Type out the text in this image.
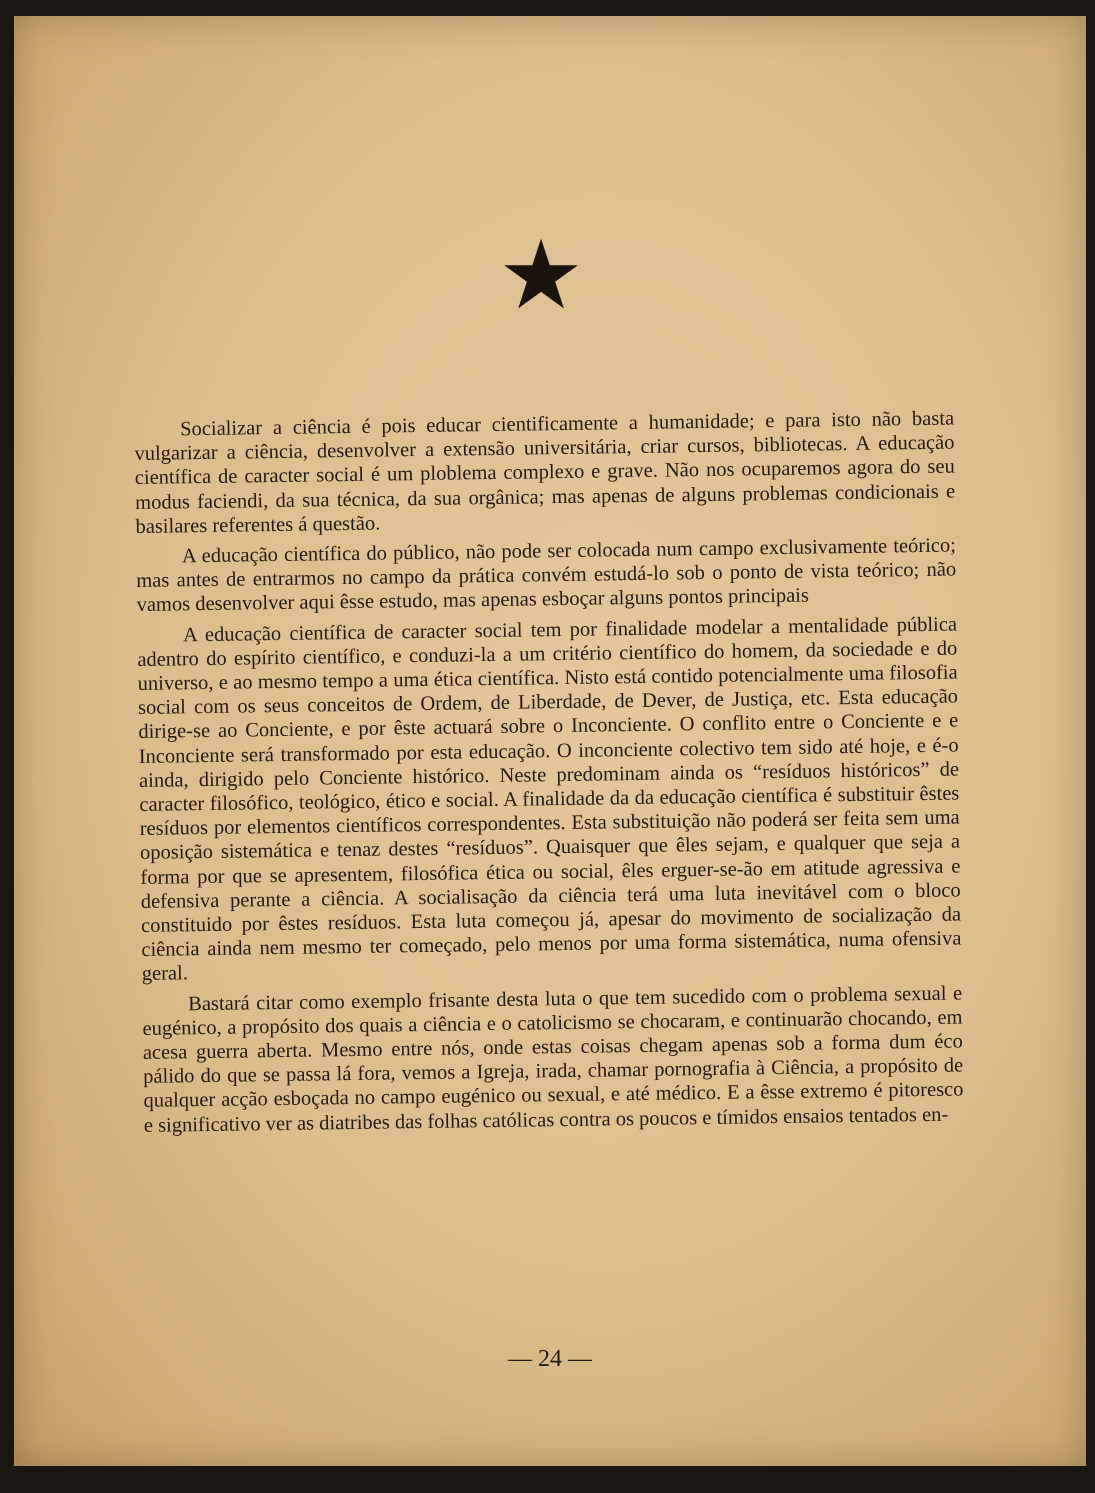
★

Socializar a ciência é pois educar cientificamente a humanidade; e para isto não basta vulgarizar a ciência, desenvolver a extensão universitária, criar cursos, bibliotecas. A educação científica de caracter social é um ploblema complexo e grave. Não nos ocuparemos agora do seu modus faciendi, da sua técnica, da sua orgânica; mas apenas de alguns problemas condicionais e basilares referentes á questão.

A educação científica do público, não pode ser colocada num campo exclusivamente teórico; mas antes de entrarmos no campo da prática convém estudá-lo sob o ponto de vista teórico; não vamos desenvolver aqui êsse estudo, mas apenas esboçar alguns pontos principais

A educação científica de caracter social tem por finalidade modelar a mentalidade pública adentro do espírito científico, e conduzi-la a um critério científico do homem, da sociedade e do universo, e ao mesmo tempo a uma ética científica. Nisto está contido potencialmente uma filosofia social com os seus conceitos de Ordem, de Liberdade, de Dever, de Justiça, etc. Esta educação dirige-se ao Conciente, e por êste actuará sobre o Inconciente. O conflito entre o Conciente e e Inconciente será transformado por esta educação. O inconciente colectivo tem sido até hoje, e é-o ainda, dirigido pelo Conciente histórico. Neste predominam ainda os “resíduos históricos” de caracter filosófico, teológico, ético e social. A finalidade da da educação científica é substituir êstes resíduos por elementos científicos correspondentes. Esta substituição não poderá ser feita sem uma oposição sistemática e tenaz destes “resíduos”. Quaisquer que êles sejam, e qualquer que seja a forma por que se apresentem, filosófica ética ou social, êles erguer-se-ão em atitude agressiva e defensiva perante a ciência. A socialisação da ciência terá uma luta inevitável com o bloco constituido por êstes resíduos. Esta luta começou já, apesar do movimento de socialização da ciência ainda nem mesmo ter começado, pelo menos por uma forma sistemática, numa ofensiva geral.

Bastará citar como exemplo frisante desta luta o que tem sucedido com o problema sexual e eugénico, a propósito dos quais a ciência e o catolicismo se chocaram, e continuarão chocando, em acesa guerra aberta. Mesmo entre nós, onde estas coisas chegam apenas sob a forma dum éco pálido do que se passa lá fora, vemos a Igreja, irada, chamar pornografia à Ciência, a propósito de qualquer acção esboçada no campo eugénico ou sexual, e até médico. E a êsse extremo é pitoresco e significativo ver as diatribes das folhas católicas contra os poucos e tímidos ensaios tentados en-

— 24 —
